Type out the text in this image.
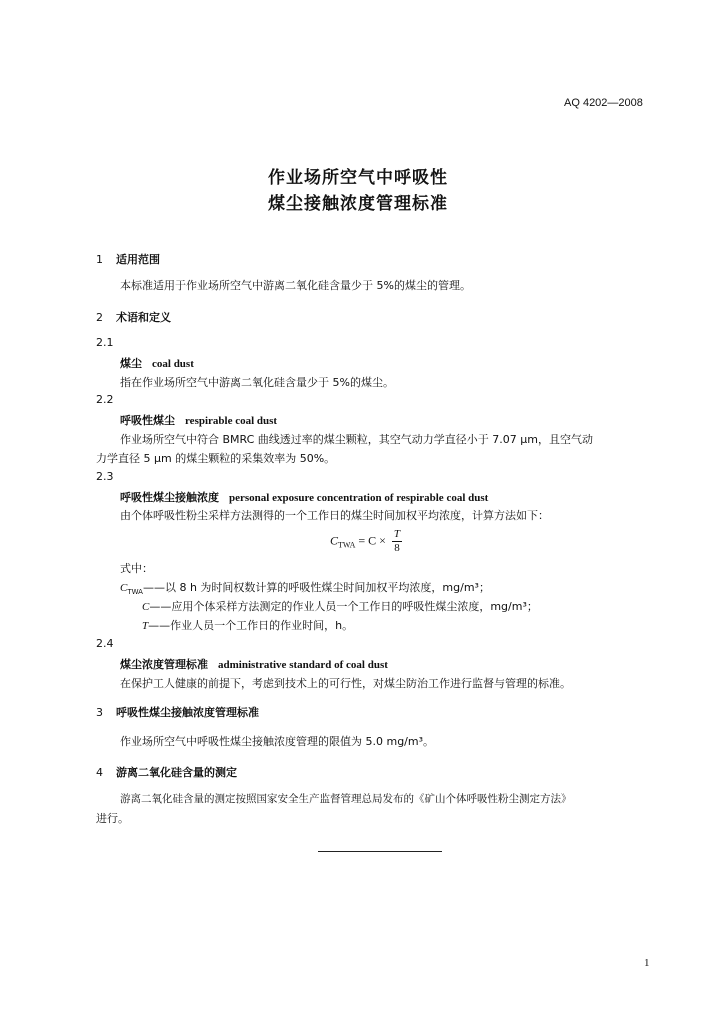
AQ 4202—2008
作业场所空气中呼吸性
煤尘接触浓度管理标准
1 适用范围
本标准适用于作业场所空气中游离二氧化硅含量少于 5%的煤尘的管理。
2 术语和定义
2.1
煤尘 coal dust
指在作业场所空气中游离二氧化硅含量少于 5%的煤尘。
2.2
呼吸性煤尘 respirable coal dust
作业场所空气中符合 BMRC 曲线透过率的煤尘颗粒，其空气动力学直径小于 7.07 μm，且空气动
力学直径 5 μm 的煤尘颗粒的采集效率为 50%。
2.3
呼吸性煤尘接触浓度 personal exposure concentration of respirable coal dust
由个体呼吸性粉尘采样方法测得的一个工作日的煤尘时间加权平均浓度，计算方法如下：
$C_{TWA} = C \times \frac{T}{8}$
式中：
$C_{TWA}——$以 8 h 为时间权数计算的呼吸性煤尘时间加权平均浓度，mg/m³；
C——应用个体采样方法测定的作业人员一个工作日的呼吸性煤尘浓度，mg/m³；
T——作业人员一个工作日的作业时间，h。
2.4
煤尘浓度管理标准 administrative standard of coal dust
在保护工人健康的前提下，考虑到技术上的可行性，对煤尘防治工作进行监督与管理的标准。
3 呼吸性煤尘接触浓度管理标准
作业场所空气中呼吸性煤尘接触浓度管理的限值为 5.0 mg/m³。
4 游离二氧化硅含量的测定
游离二氧化硅含量的测定按照国家安全生产监督管理总局发布的《矿山个体呼吸性粉尘测定方法》
进行。
1
